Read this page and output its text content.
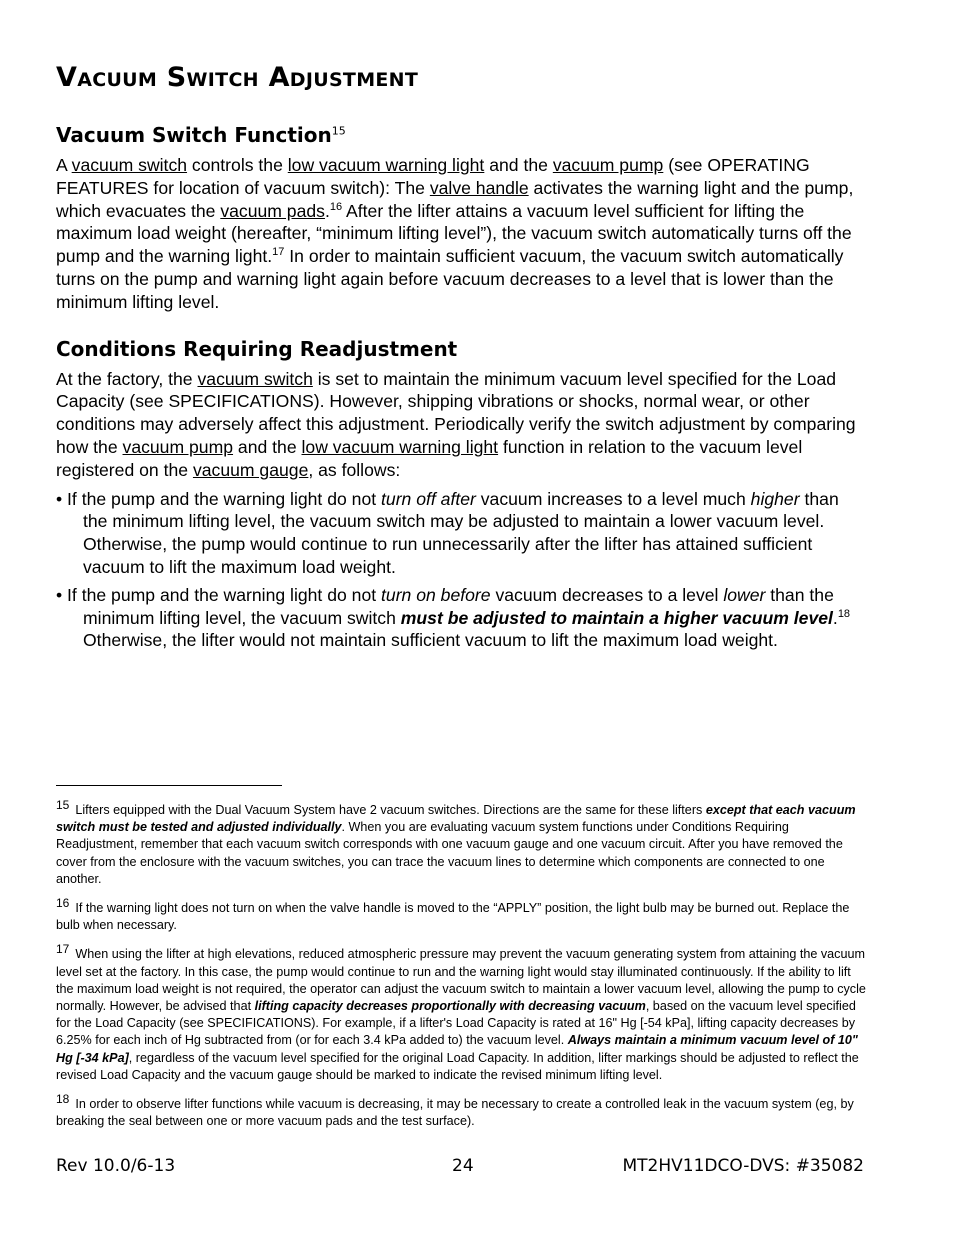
Vacuum Switch Adjustment
Vacuum Switch Function$^{15}$

A vacuum switch controls the low vacuum warning light and the vacuum pump (see OPERATING FEATURES for location of vacuum switch): The valve handle activates the warning light and the pump, which evacuates the vacuum pads.$^{16}$ After the lifter attains a vacuum level sufficient for lifting the maximum load weight (hereafter, “minimum lifting level”), the vacuum switch automatically turns off the pump and the warning light.$^{17}$ In order to maintain sufficient vacuum, the vacuum switch automatically turns on the pump and warning light again before vacuum decreases to a level that is lower than the minimum lifting level.

Conditions Requiring Readjustment

At the factory, the vacuum switch is set to maintain the minimum vacuum level specified for the Load Capacity (see SPECIFICATIONS). However, shipping vibrations or shocks, normal wear, or other conditions may adversely affect this adjustment. Periodically verify the switch adjustment by comparing how the vacuum pump and the low vacuum warning light function in relation to the vacuum level registered on the vacuum gauge, as follows:

• If the pump and the warning light do not turn off after vacuum increases to a level much higher than the minimum lifting level, the vacuum switch may be adjusted to maintain a lower vacuum level. Otherwise, the pump would continue to run unnecessarily after the lifter has attained sufficient vacuum to lift the maximum load weight.

• If the pump and the warning light do not turn on before vacuum decreases to a level lower than the minimum lifting level, the vacuum switch must be adjusted to maintain a higher vacuum level.$^{18}$ Otherwise, the lifter would not maintain sufficient vacuum to lift the maximum load weight.

15 Lifters equipped with the Dual Vacuum System have 2 vacuum switches. Directions are the same for these lifters except that each vacuum switch must be tested and adjusted individually. When you are evaluating vacuum system functions under Conditions Requiring Readjustment, remember that each vacuum switch corresponds with one vacuum gauge and one vacuum circuit. After you have removed the cover from the enclosure with the vacuum switches, you can trace the vacuum lines to determine which components are connected to one another.

16 If the warning light does not turn on when the valve handle is moved to the “APPLY” position, the light bulb may be burned out. Replace the bulb when necessary.

17 When using the lifter at high elevations, reduced atmospheric pressure may prevent the vacuum generating system from attaining the vacuum level set at the factory. In this case, the pump would continue to run and the warning light would stay illuminated continuously. If the ability to lift the maximum load weight is not required, the operator can adjust the vacuum switch to maintain a lower vacuum level, allowing the pump to cycle normally. However, be advised that lifting capacity decreases proportionally with decreasing vacuum, based on the vacuum level specified for the Load Capacity (see SPECIFICATIONS). For example, if a lifter's Load Capacity is rated at 16" Hg [-54 kPa], lifting capacity decreases by 6.25% for each inch of Hg subtracted from (or for each 3.4 kPa added to) the vacuum level. Always maintain a minimum vacuum level of 10" Hg [-34 kPa], regardless of the vacuum level specified for the original Load Capacity. In addition, lifter markings should be adjusted to reflect the revised Load Capacity and the vacuum gauge should be marked to indicate the revised minimum lifting level.

18 In order to observe lifter functions while vacuum is decreasing, it may be necessary to create a controlled leak in the vacuum system (eg, by breaking the seal between one or more vacuum pads and the test surface).

Rev 10.0/6-13	24	MT2HV11DCO-DVS: #35082
